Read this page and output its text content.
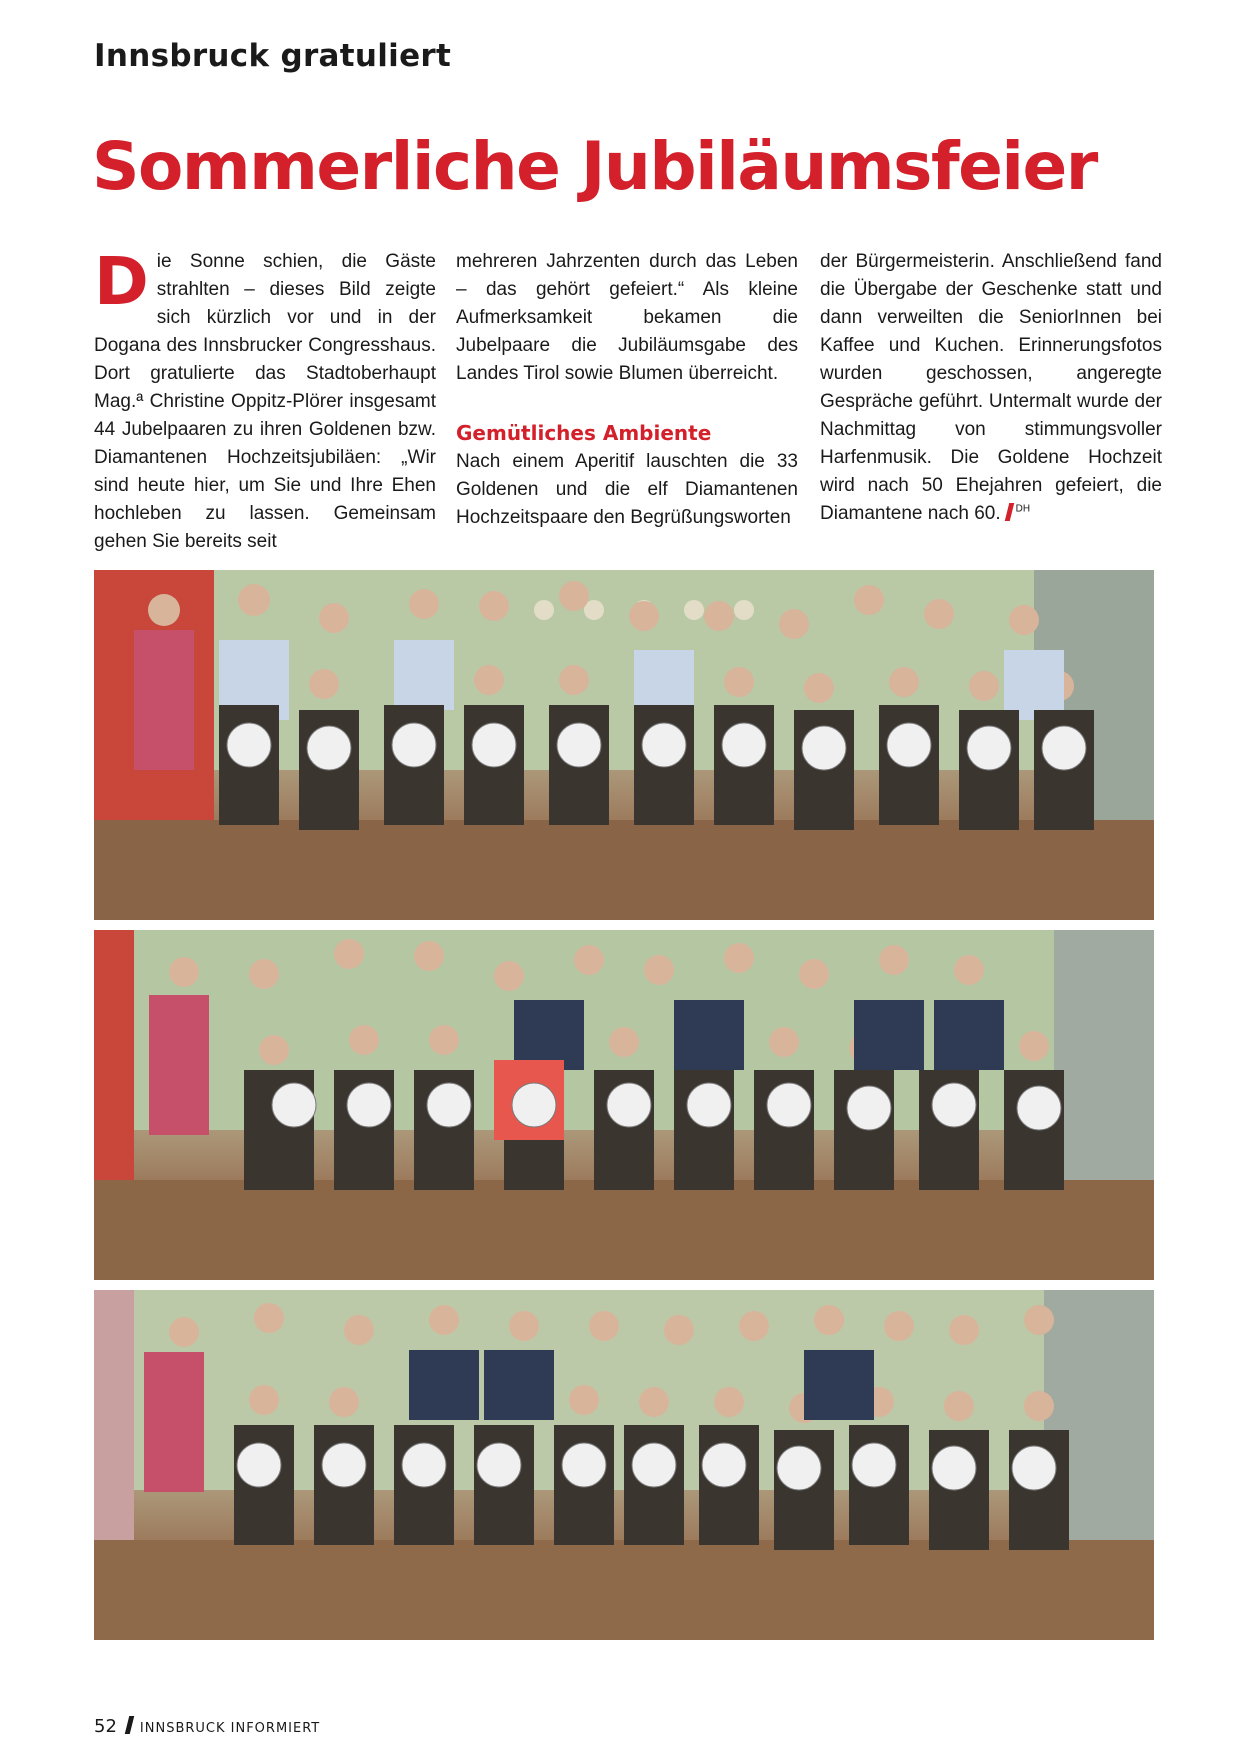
Innsbruck gratuliert
Sommerliche Jubiläumsfeier

Die Sonne schien, die Gäste strahlten – dieses Bild zeigte sich kürzlich vor und in der Dogana des Innsbrucker Congresshaus. Dort gratulierte das Stadtoberhaupt Mag.ª Christine Oppitz-Plörer insgesamt 44 Jubelpaaren zu ihren Goldenen bzw. Diamantenen Hochzeitsjubiläen: „Wir sind heute hier, um Sie und Ihre Ehen hochleben zu lassen. Gemeinsam gehen Sie bereits seit

mehreren Jahrzenten durch das Leben – das gehört gefeiert.“ Als kleine Aufmerksamkeit bekamen die Jubelpaare die Jubiläumsgabe des Landes Tirol sowie Blumen überreicht.

Gemütliches Ambiente

Nach einem Aperitif lauschten die 33 Goldenen und die elf Diamantenen Hochzeitspaare den Begrüßungsworten

der Bürgermeisterin. Anschließend fand die Übergabe der Geschenke statt und dann verweilten die SeniorInnen bei Kaffee und Kuchen. Erinnerungsfotos wurden geschossen, angeregte Gespräche geführt. Untermalt wurde der Nachmittag von stimmungsvoller Harfenmusik. Die Goldene Hochzeit wird nach 50 Ehejahren gefeiert, die Diamantene nach 60. $^{DH}$

52 INNSBRUCK INFORMIERT
